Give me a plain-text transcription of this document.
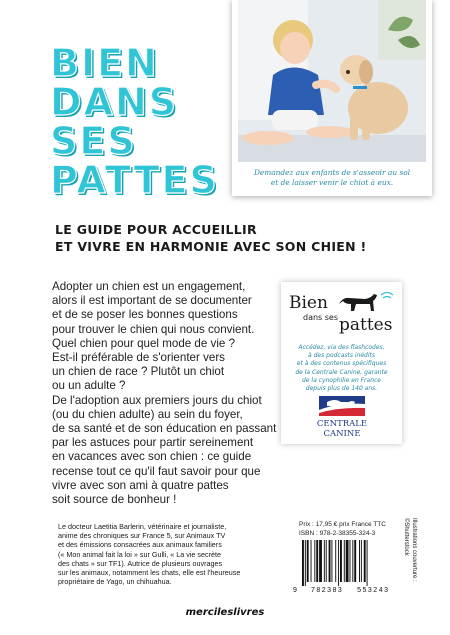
BIEN
DANS
SES
PATTES	Demandez aux enfants de s'asseoir au sol
et de laisser venir le chiot à eux.
LE GUIDE POUR ACCUEILLIR
ET VIVRE EN HARMONIE AVEC SON CHIEN !
Adopter un chien est un engagement,
alors il est important de se documenter
et de se poser les bonnes questions
pour trouver le chien qui nous convient.
Quel chien pour quel mode de vie ?
Est-il préférable de s'orienter vers
un chien de race ? Plutôt un chiot
ou un adulte ?
De l'adoption aux premiers jours du chiot
(ou du chien adulte) au sein du foyer,
de sa santé et de son éducation en passant
par les astuces pour partir sereinement
en vacances avec son chien : ce guide
recense tout ce qu'il faut savoir pour que
vivre avec son ami à quatre pattes
soit source de bonheur !
Bien
dans ses pattes
Accédez, via des flashcodes,
à des podcasts inédits
et à des contenus spécifiques
de la Centrale Canine, garante
de la cynophilie en France
depuis plus de 140 ans.
CENTRALE
CANINE
Le docteur Laetitia Barlerin, vétérinaire et journaliste,
anime des chroniques sur France 5, sur Animaux TV
et des émissions consacrées aux animaux familiers
(« Mon animal fait la loi » sur Gulli, « La vie secrète
des chats » sur TF1). Autrice de plusieurs ouvrages
sur les animaux, notamment les chats, elle est l'heureuse
propriétaire de Yago, un chihuahua.
Prix : 17,95 € prix France TTC
ISBN : 978-2-38355-324-3
9 782383 553243
Illustrations couverture :
©Shutterstock
mercileslivres
